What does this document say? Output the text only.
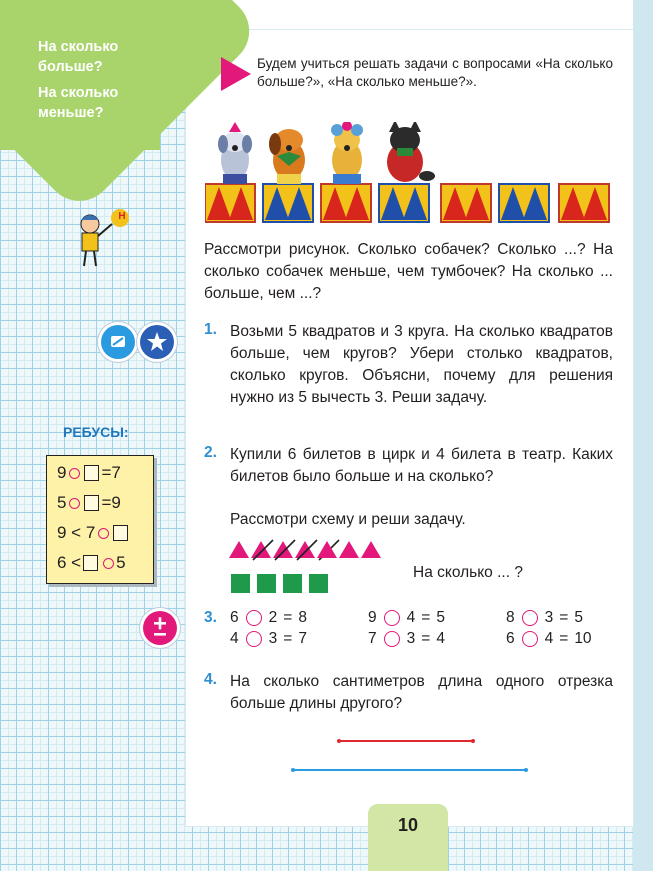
На сколько больше?
На сколько меньше?
Будем учиться решать задачи с вопросами «На сколько больше?», «На сколько меньше?».
Н
РЕБУСЫ:
9 = 7
5 = 9
9 < 7
6 < 5
Рассмотри рисунок. Сколько собачек? Сколько ...? На сколько собачек меньше, чем тумбочек? На сколько ... больше, чем ...?
1. Возьми 5 квадратов и 3 круга. На сколько квадратов больше, чем кругов? Убери столько квадратов, сколько кругов. Объясни, почему для решения нужно из 5 вычесть 3. Реши задачу.
2. Купили 6 билетов в цирк и 4 билета в театр. Каких билетов было больше и на сколько?
Рассмотри схему и реши задачу.
На сколько ... ?
3. 6 2 = 8	9 4 = 5	8 3 = 5
4 3 = 7	7 3 = 4	6 4 = 10
4. На сколько сантиметров длина одного отрезка больше длины другого?
10
